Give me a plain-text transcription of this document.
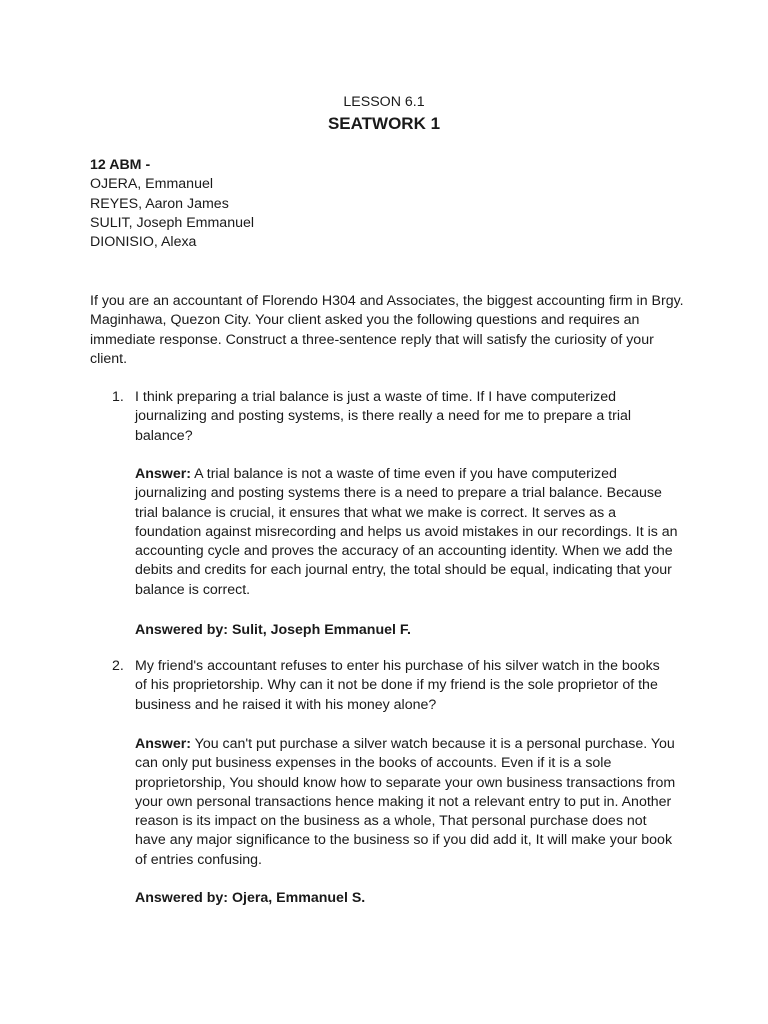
LESSON 6.1
SEATWORK 1
12 ABM -
OJERA, Emmanuel
REYES, Aaron James
SULIT, Joseph Emmanuel
DIONISIO, Alexa
If you are an accountant of Florendo H304 and Associates, the biggest accounting firm in Brgy. Maginhawa, Quezon City. Your client asked you the following questions and requires an immediate response. Construct a three-sentence reply that will satisfy the curiosity of your client.
1. I think preparing a trial balance is just a waste of time. If I have computerized journalizing and posting systems, is there really a need for me to prepare a trial balance?
Answer: A trial balance is not a waste of time even if you have computerized journalizing and posting systems there is a need to prepare a trial balance. Because trial balance is crucial, it ensures that what we make is correct. It serves as a foundation against misrecording and helps us avoid mistakes in our recordings. It is an accounting cycle and proves the accuracy of an accounting identity. When we add the debits and credits for each journal entry, the total should be equal, indicating that your balance is correct.
Answered by: Sulit, Joseph Emmanuel F.
2. My friend's accountant refuses to enter his purchase of his silver watch in the books of his proprietorship. Why can it not be done if my friend is the sole proprietor of the business and he raised it with his money alone?
Answer: You can't put purchase a silver watch because it is a personal purchase. You can only put business expenses in the books of accounts. Even if it is a sole proprietorship, You should know how to separate your own business transactions from your own personal transactions hence making it not a relevant entry to put in. Another reason is its impact on the business as a whole, That personal purchase does not have any major significance to the business so if you did add it, It will make your book of entries confusing.
Answered by: Ojera, Emmanuel S.
